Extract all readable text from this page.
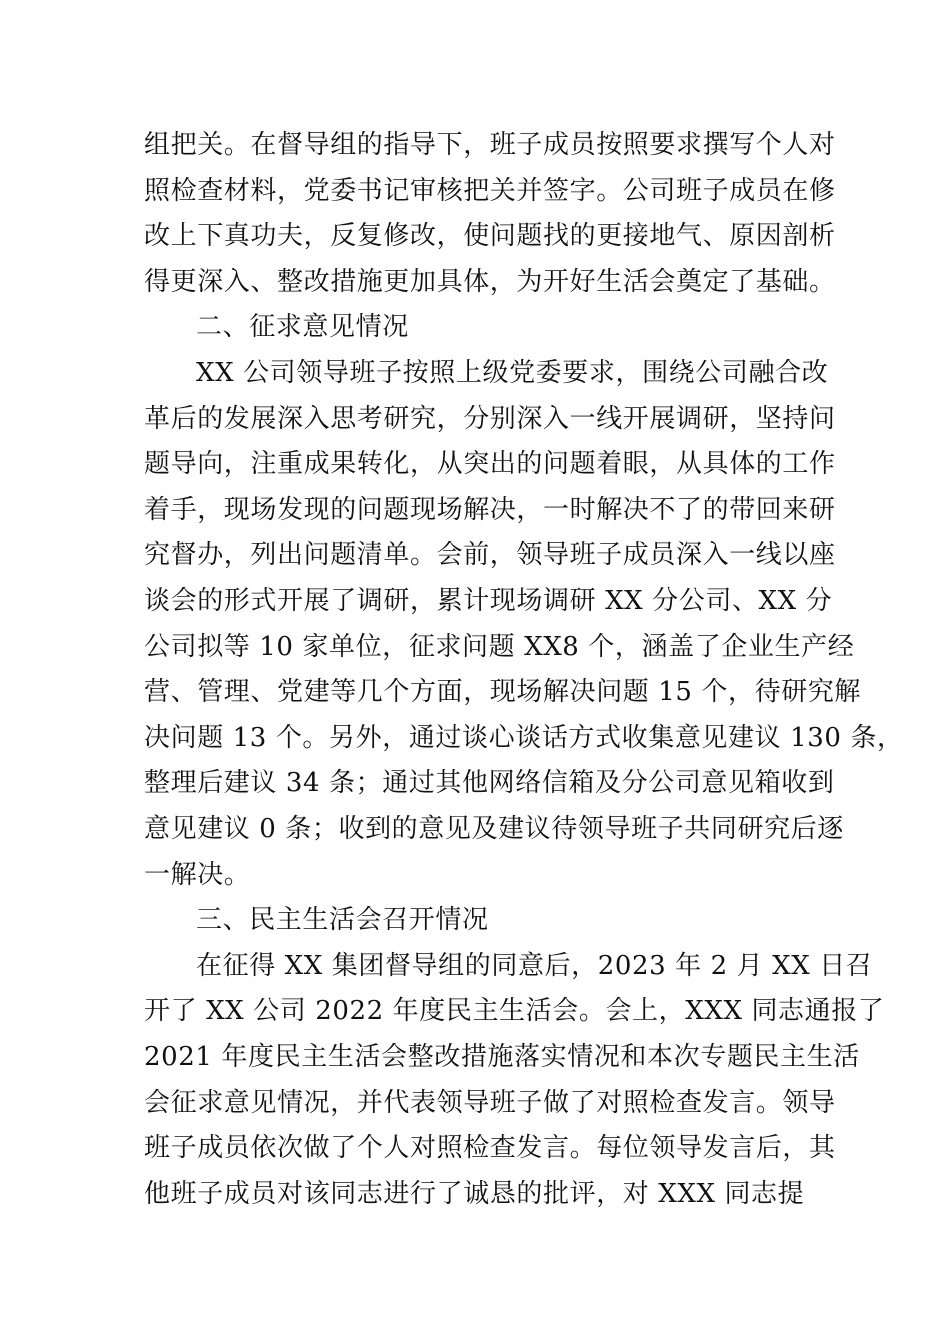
组把关。在督导组的指导下，班子成员按照要求撰写个人对
照检查材料，党委书记审核把关并签字。公司班子成员在修
改上下真功夫，反复修改，使问题找的更接地气、原因剖析
得更深入、整改措施更加具体，为开好生活会奠定了基础。
二、征求意见情况
XX 公司领导班子按照上级党委要求，围绕公司融合改
革后的发展深入思考研究，分别深入一线开展调研，坚持问
题导向，注重成果转化，从突出的问题着眼，从具体的工作
着手，现场发现的问题现场解决，一时解决不了的带回来研
究督办，列出问题清单。会前，领导班子成员深入一线以座
谈会的形式开展了调研，累计现场调研 XX 分公司、XX 分
公司拟等 10 家单位，征求问题 XX8 个，涵盖了企业生产经
营、管理、党建等几个方面，现场解决问题 15 个，待研究解
决问题 13 个。另外，通过谈心谈话方式收集意见建议 130 条，
整理后建议 34 条；通过其他网络信箱及分公司意见箱收到
意见建议 0 条；收到的意见及建议待领导班子共同研究后逐
一解决。
三、民主生活会召开情况
在征得 XX 集团督导组的同意后，2023 年 2 月 XX 日召
开了 XX 公司 2022 年度民主生活会。会上，XXX 同志通报了
2021 年度民主生活会整改措施落实情况和本次专题民主生活
会征求意见情况，并代表领导班子做了对照检查发言。领导
班子成员依次做了个人对照检查发言。每位领导发言后，其
他班子成员对该同志进行了诚恳的批评，对 XXX 同志提
